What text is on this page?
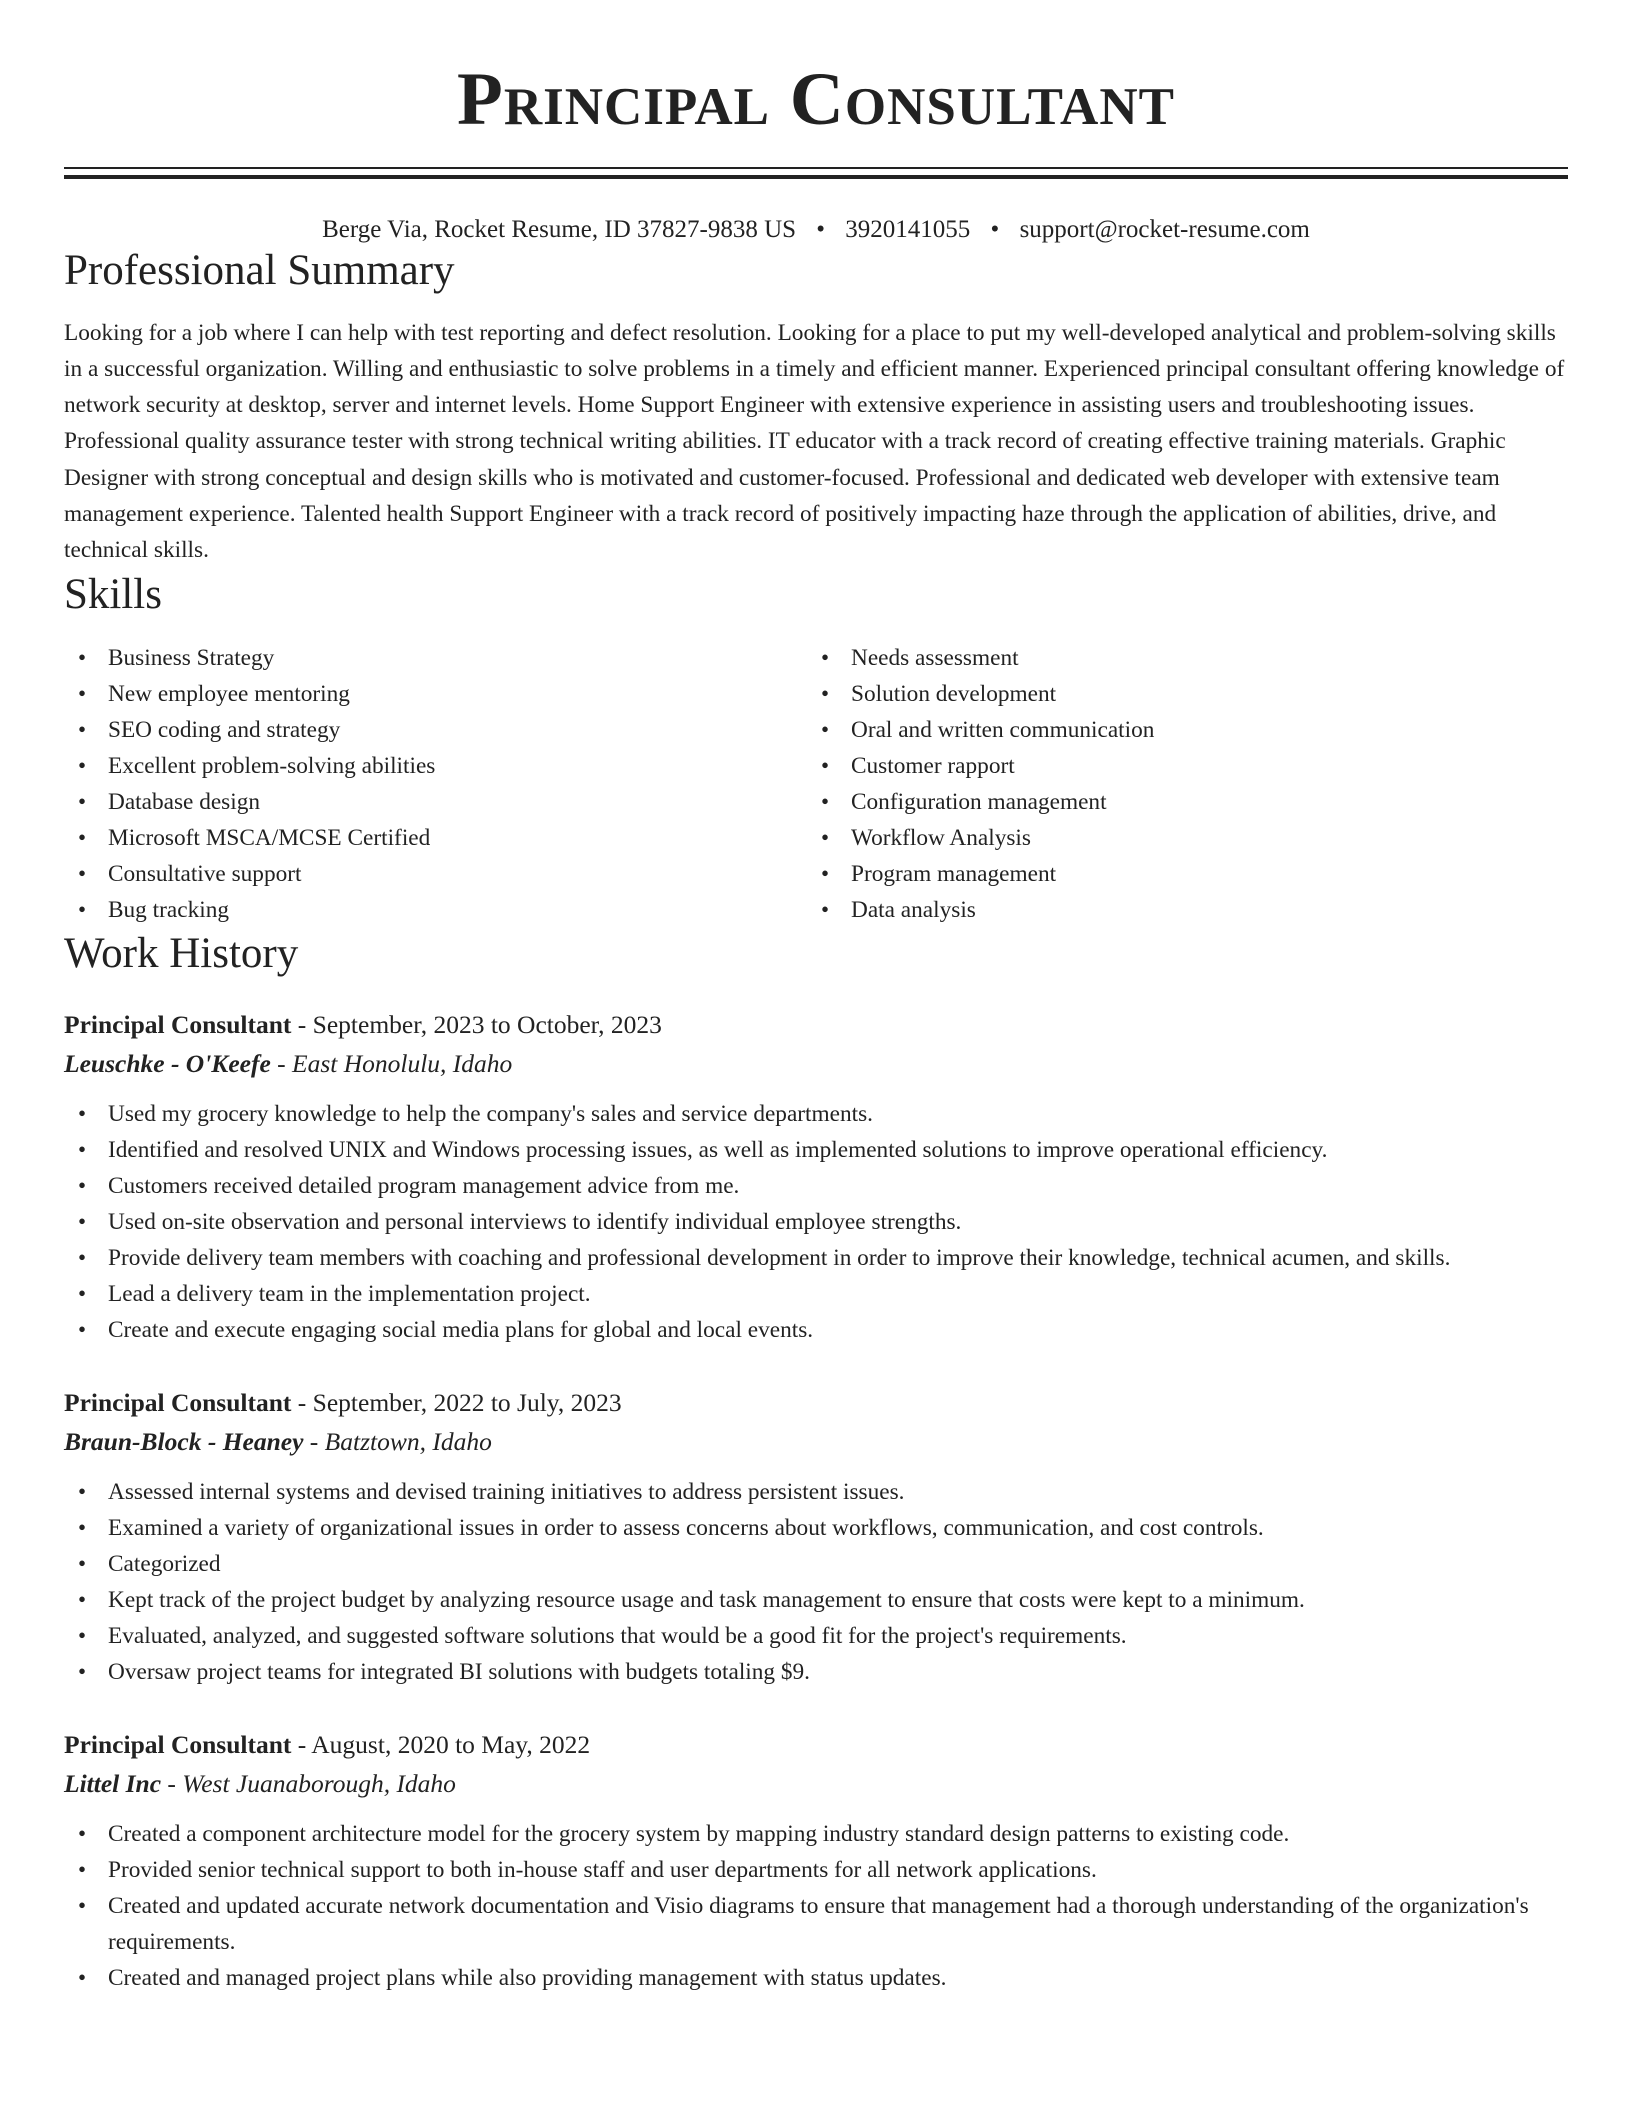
Principal Consultant
Berge Via, Rocket Resume, ID 37827-9838 US • 3920141055 • support@rocket-resume.com
Professional Summary

Looking for a job where I can help with test reporting and defect resolution. Looking for a place to put my well-developed analytical and problem-solving skills in a successful organization. Willing and enthusiastic to solve problems in a timely and efficient manner. Experienced principal consultant offering knowledge of network security at desktop, server and internet levels. Home Support Engineer with extensive experience in assisting users and troubleshooting issues. Professional quality assurance tester with strong technical writing abilities. IT educator with a track record of creating effective training materials. Graphic Designer with strong conceptual and design skills who is motivated and customer-focused. Professional and dedicated web developer with extensive team management experience. Talented health Support Engineer with a track record of positively impacting haze through the application of abilities, drive, and technical skills.

Skills
• Business Strategy
• New employee mentoring
• SEO coding and strategy
• Excellent problem-solving abilities
• Database design
• Microsoft MSCA/MCSE Certified
• Consultative support
• Bug tracking
• Needs assessment
• Solution development
• Oral and written communication
• Customer rapport
• Configuration management
• Workflow Analysis
• Program management
• Data analysis
Work History
Principal Consultant - September, 2023 to October, 2023
Leuschke - O'Keefe - East Honolulu, Idaho
• Used my grocery knowledge to help the company's sales and service departments.
• Identified and resolved UNIX and Windows processing issues, as well as implemented solutions to improve operational efficiency.
• Customers received detailed program management advice from me.
• Used on-site observation and personal interviews to identify individual employee strengths.
• Provide delivery team members with coaching and professional development in order to improve their knowledge, technical acumen, and skills.
• Lead a delivery team in the implementation project.
• Create and execute engaging social media plans for global and local events.
Principal Consultant - September, 2022 to July, 2023
Braun-Block - Heaney - Batztown, Idaho
• Assessed internal systems and devised training initiatives to address persistent issues.
• Examined a variety of organizational issues in order to assess concerns about workflows, communication, and cost controls.
• Categorized
• Kept track of the project budget by analyzing resource usage and task management to ensure that costs were kept to a minimum.
• Evaluated, analyzed, and suggested software solutions that would be a good fit for the project's requirements.
• Oversaw project teams for integrated BI solutions with budgets totaling $9.
Principal Consultant - August, 2020 to May, 2022
Littel Inc - West Juanaborough, Idaho
• Created a component architecture model for the grocery system by mapping industry standard design patterns to existing code.
• Provided senior technical support to both in-house staff and user departments for all network applications.
• Created and updated accurate network documentation and Visio diagrams to ensure that management had a thorough understanding of the organization's requirements.
• Created and managed project plans while also providing management with status updates.
